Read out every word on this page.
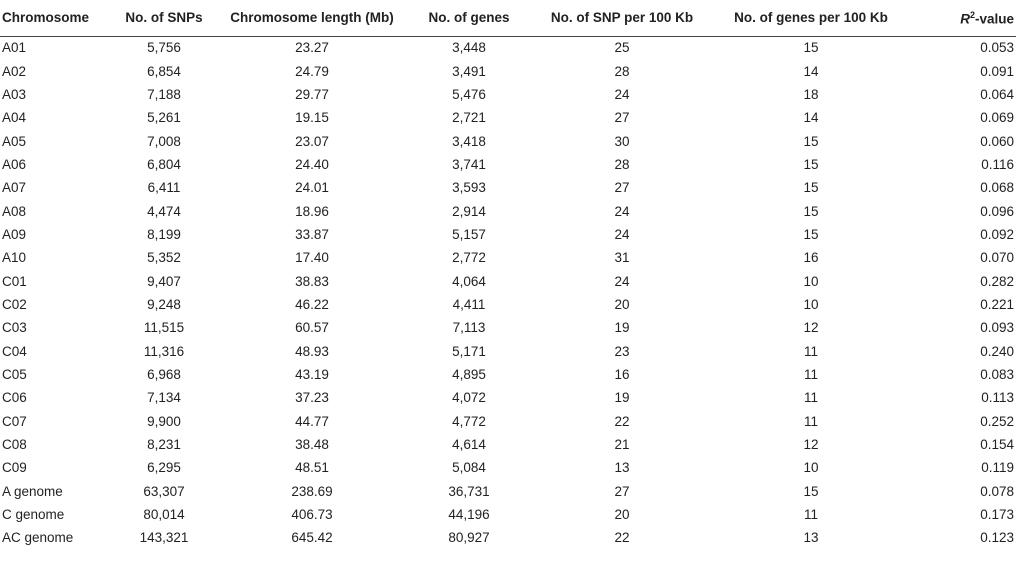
Chromosome	No. of SNPs	Chromosome length (Mb)	No. of genes	No. of SNP per 100 Kb	No. of genes per 100 Kb	$R^2$-value
A01	5,756	23.27	3,448	25	15	0.053
A02	6,854	24.79	3,491	28	14	0.091
A03	7,188	29.77	5,476	24	18	0.064
A04	5,261	19.15	2,721	27	14	0.069
A05	7,008	23.07	3,418	30	15	0.060
A06	6,804	24.40	3,741	28	15	0.116
A07	6,411	24.01	3,593	27	15	0.068
A08	4,474	18.96	2,914	24	15	0.096
A09	8,199	33.87	5,157	24	15	0.092
A10	5,352	17.40	2,772	31	16	0.070
C01	9,407	38.83	4,064	24	10	0.282
C02	9,248	46.22	4,411	20	10	0.221
C03	11,515	60.57	7,113	19	12	0.093
C04	11,316	48.93	5,171	23	11	0.240
C05	6,968	43.19	4,895	16	11	0.083
C06	7,134	37.23	4,072	19	11	0.113
C07	9,900	44.77	4,772	22	11	0.252
C08	8,231	38.48	4,614	21	12	0.154
C09	6,295	48.51	5,084	13	10	0.119
A genome	63,307	238.69	36,731	27	15	0.078
C genome	80,014	406.73	44,196	20	11	0.173
AC genome	143,321	645.42	80,927	22	13	0.123
